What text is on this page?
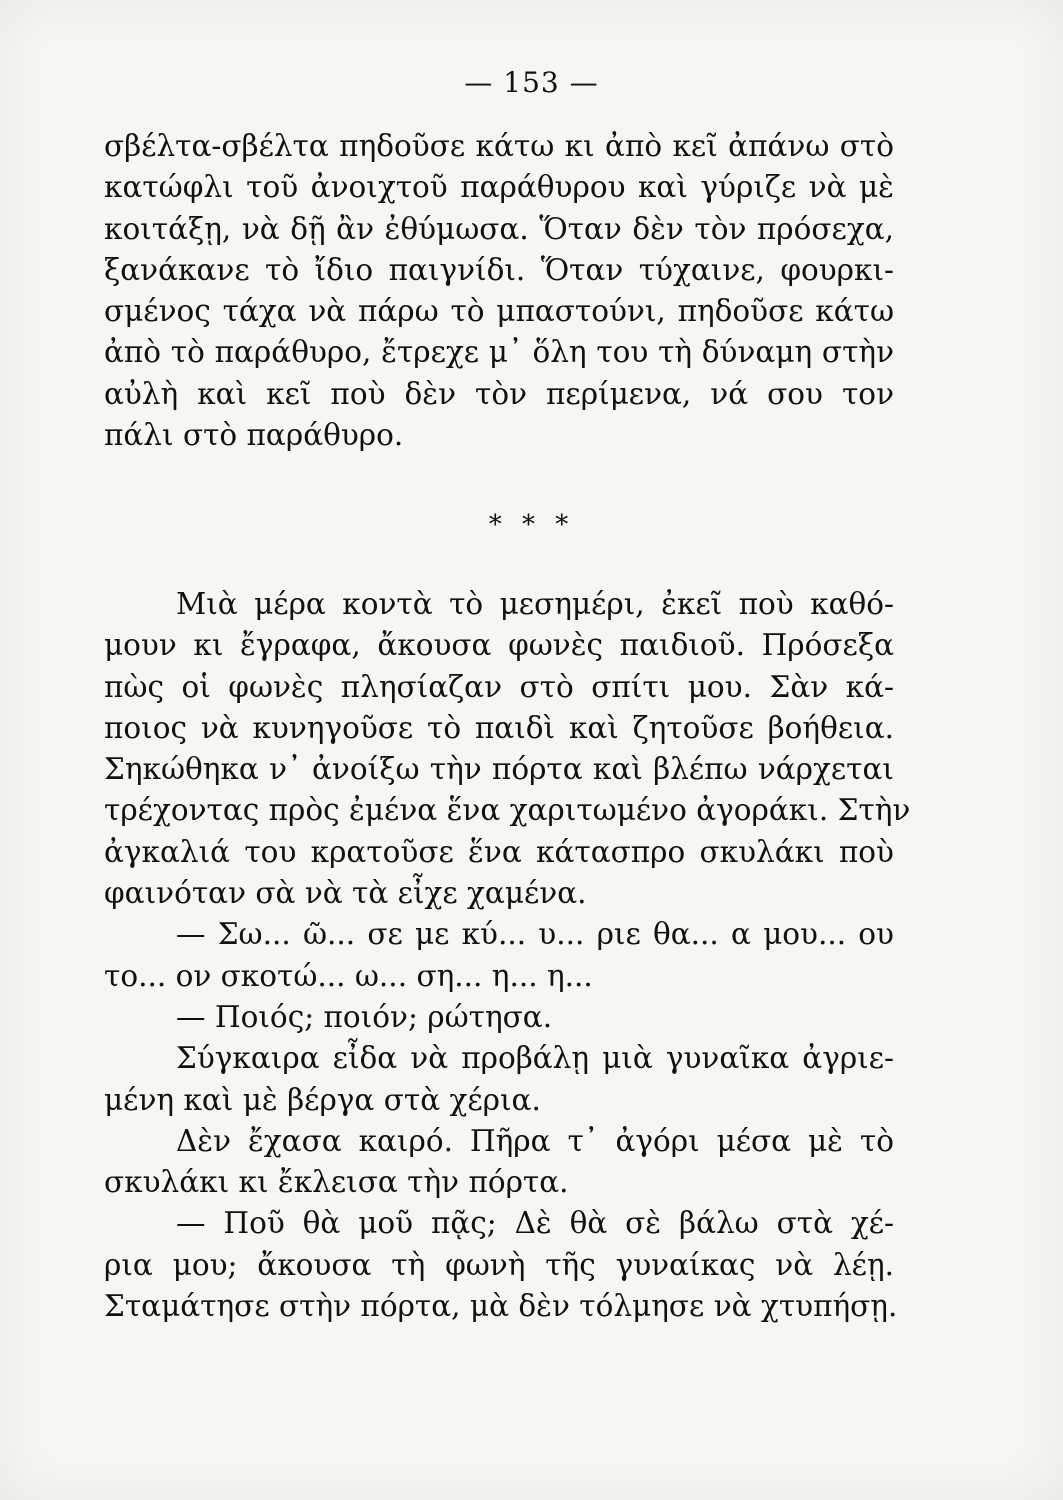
— 153 —
σβέλτα-σβέλτα πηδοῦσε κάτω κι ἀπὸ κεῖ ἀπάνω στὸ
κατώφλι τοῦ ἀνοιχτοῦ παράθυρου καὶ γύριζε νὰ μὲ
κοιτάξῃ, νὰ δῇ ἂν ἐθύμωσα. Ὅταν δὲν τὸν πρόσεχα,
ξανάκανε τὸ ἴδιο παιγνίδι. Ὅταν τύχαινε, φουρκι-
σμένος τάχα νὰ πάρω τὸ μπαστούνι, πηδοῦσε κάτω
ἀπὸ τὸ παράθυρο, ἔτρεχε μ᾽ ὅλη του τὴ δύναμη στὴν
αὐλὴ καὶ κεῖ ποὺ δὲν τὸν περίμενα, νά σου τον
πάλι στὸ παράθυρο.
* * *
Μιὰ μέρα κοντὰ τὸ μεσημέρι, ἐκεῖ ποὺ καθό-
μουν κι ἔγραφα, ἄκουσα φωνὲς παιδιοῦ. Πρόσεξα
πὼς οἱ φωνὲς πλησίαζαν στὸ σπίτι μου. Σὰν κά-
ποιος νὰ κυνηγοῦσε τὸ παιδὶ καὶ ζητοῦσε βοήθεια.
Σηκώθηκα ν᾽ ἀνοίξω τὴν πόρτα καὶ βλέπω νάρχεται
τρέχοντας πρὸς ἐμένα ἕνα χαριτωμένο ἀγοράκι. Στὴν
ἀγκαλιά του κρατοῦσε ἕνα κάτασπρο σκυλάκι ποὺ
φαινόταν σὰ νὰ τὰ εἶχε χαμένα.
— Σω... ῶ... σε με κύ... υ... ριε θα... α μου... ου
το... ον σκοτώ... ω... ση... η... η...
— Ποιός; ποιόν; ρώτησα.
Σύγκαιρα εἶδα νὰ προβάλῃ μιὰ γυναῖκα ἀγριε-
μένη καὶ μὲ βέργα στὰ χέρια.
Δὲν ἔχασα καιρό. Πῆρα τ᾽ ἀγόρι μέσα μὲ τὸ
σκυλάκι κι ἔκλεισα τὴν πόρτα.
— Ποῦ θὰ μοῦ πᾷς; Δὲ θὰ σὲ βάλω στὰ χέ-
ρια μου; ἄκουσα τὴ φωνὴ τῆς γυναίκας νὰ λέῃ.
Σταμάτησε στὴν πόρτα, μὰ δὲν τόλμησε νὰ χτυπήσῃ.
